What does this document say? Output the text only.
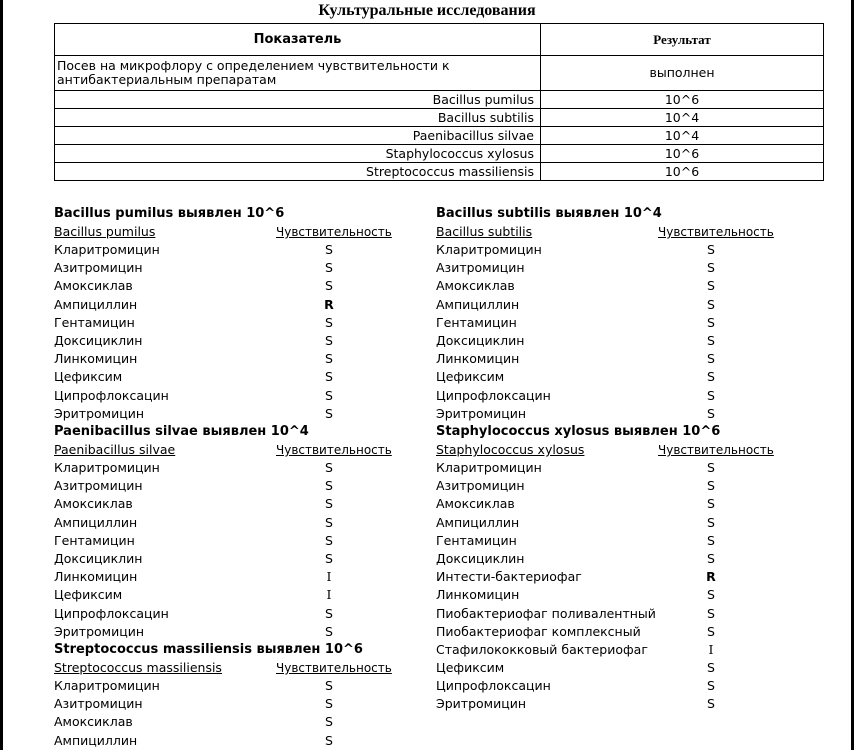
Культуральные исследования
Показатель	Результат
Посев на микрофлору с определением чувствительности к антибактериальным препаратам	выполнен
Bacillus pumilus	10^6
Bacillus subtilis	10^4
Paenibacillus silvae	10^4
Staphylococcus xylosus	10^6
Streptococcus massiliensis	10^6
Bacillus pumilus выявлен 10^6
Bacillus pumilus	Чувствительность
Кларитромицин	S
Азитромицин	S
Амоксиклав	S
Ампициллин	R
Гентамицин	S
Доксициклин	S
Линкомицин	S
Цефиксим	S
Ципрофлоксацин	S
Эритромицин	S
Bacillus subtilis выявлен 10^4
Bacillus subtilis	Чувствительность
Кларитромицин	S
Азитромицин	S
Амоксиклав	S
Ампициллин	S
Гентамицин	S
Доксициклин	S
Линкомицин	S
Цефиксим	S
Ципрофлоксацин	S
Эритромицин	S
Paenibacillus silvae выявлен 10^4
Paenibacillus silvae	Чувствительность
Кларитромицин	S
Азитромицин	S
Амоксиклав	S
Ампициллин	S
Гентамицин	S
Доксициклин	S
Линкомицин	I
Цефиксим	I
Ципрофлоксацин	S
Эритромицин	S
Staphylococcus xylosus выявлен 10^6
Staphylococcus xylosus	Чувствительность
Кларитромицин	S
Азитромицин	S
Амоксиклав	S
Ампициллин	S
Гентамицин	S
Доксициклин	S
Интести-бактериофаг	R
Линкомицин	S
Пиобактериофаг поливалентный	S
Пиобактериофаг комплексный	S
Стафилококковый бактериофаг	I
Цефиксим	S
Ципрофлоксацин	S
Эритромицин	S
Streptococcus massiliensis выявлен 10^6
Streptococcus massiliensis	Чувствительность
Кларитромицин	S
Азитромицин	S
Амоксиклав	S
Ампициллин	S
